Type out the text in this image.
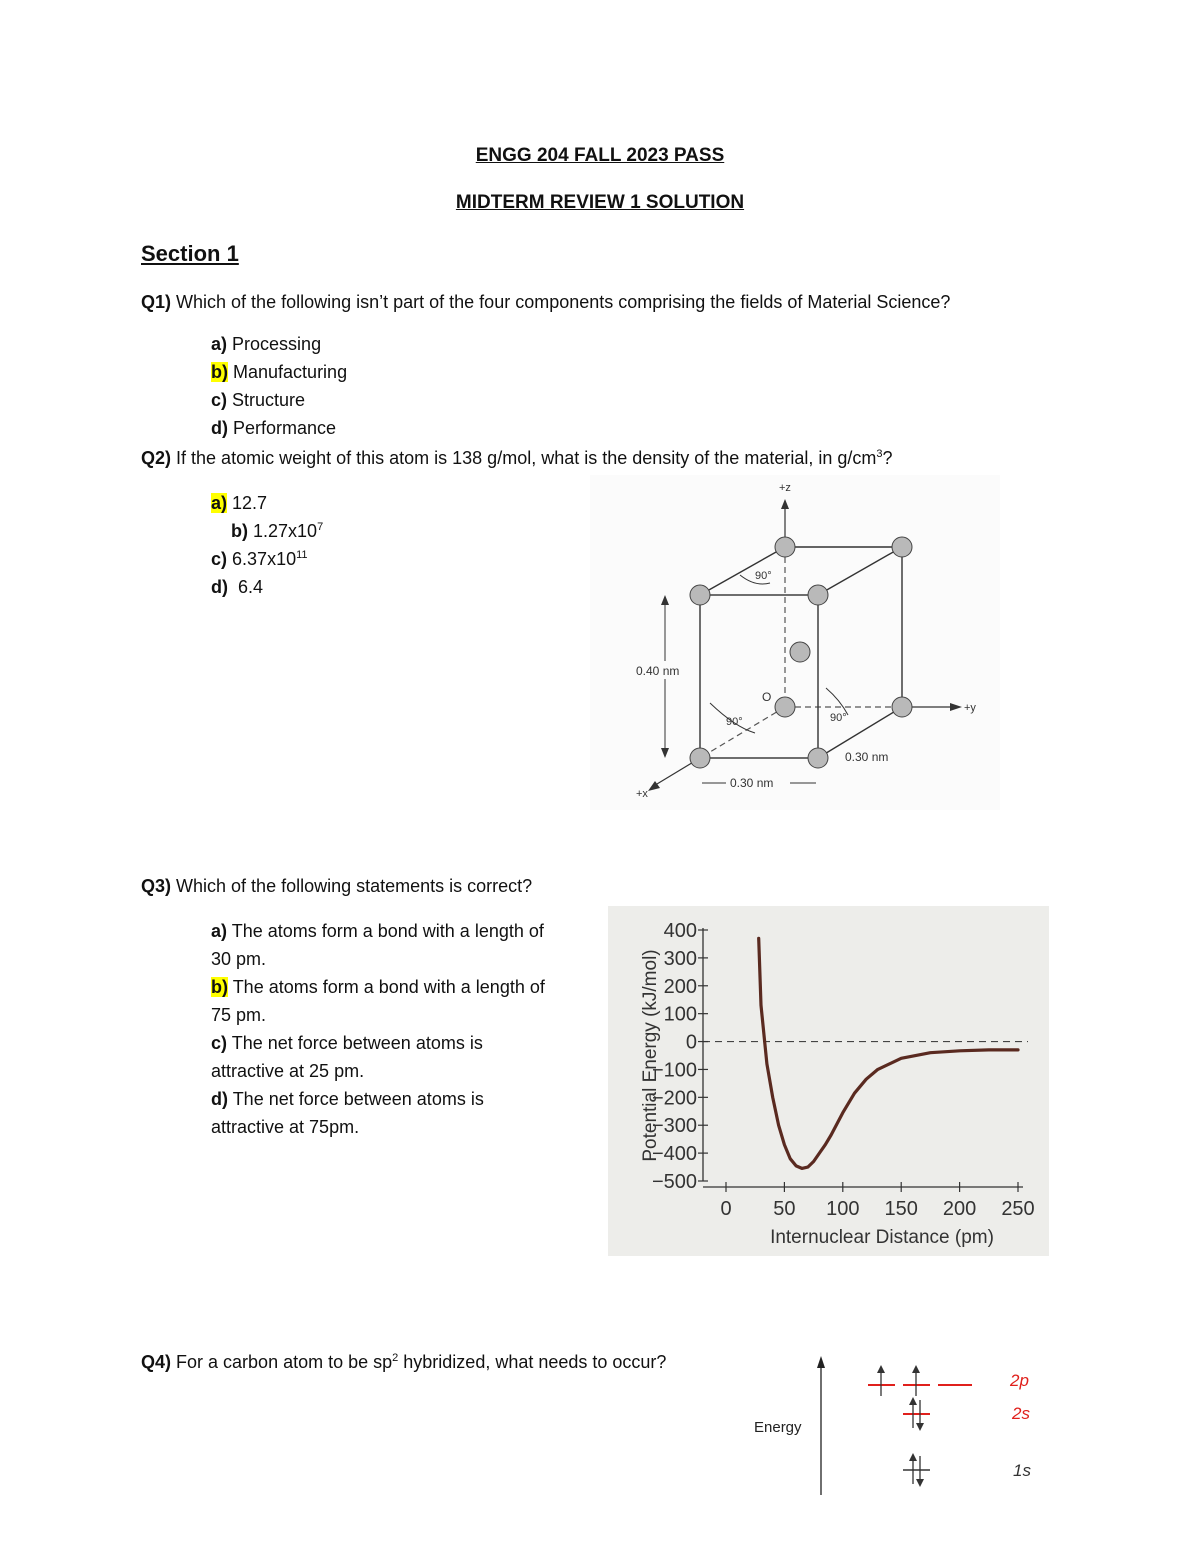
ENGG 204 FALL 2023 PASS
MIDTERM REVIEW 1 SOLUTION
Section 1
Q1) Which of the following isn’t part of the four components comprising the fields of Material Science?
a) Processing
b) Manufacturing
c) Structure
d) Performance
Q2) If the atomic weight of this atom is 138 g/mol, what is the density of the material, in $g/cm^3$?
a) 12.7
b) $1.27x10^7$
c) $6.37x10^{11}$
d)  6.4
+z
+y
+x
O
90°
90°	90°
0.40 nm
0.30 nm
0.30 nm
Q3) Which of the following statements is correct?
a) The atoms form a bond with a length of
30 pm.
b) The atoms form a bond with a length of
75 pm.
c) The net force between atoms is
attractive at 25 pm.
d) The net force between atoms is
attractive at 75pm.	Potential Energy (kJ/mol)
Internuclear Distance (pm)
400
300
200
100
0
−100
−200
−300
−400
−500
0 50 100 150 200 250
Q4) For a carbon atom to be $sp^2$ hybridized, what needs to occur?
Energy
2p
2s
1s
